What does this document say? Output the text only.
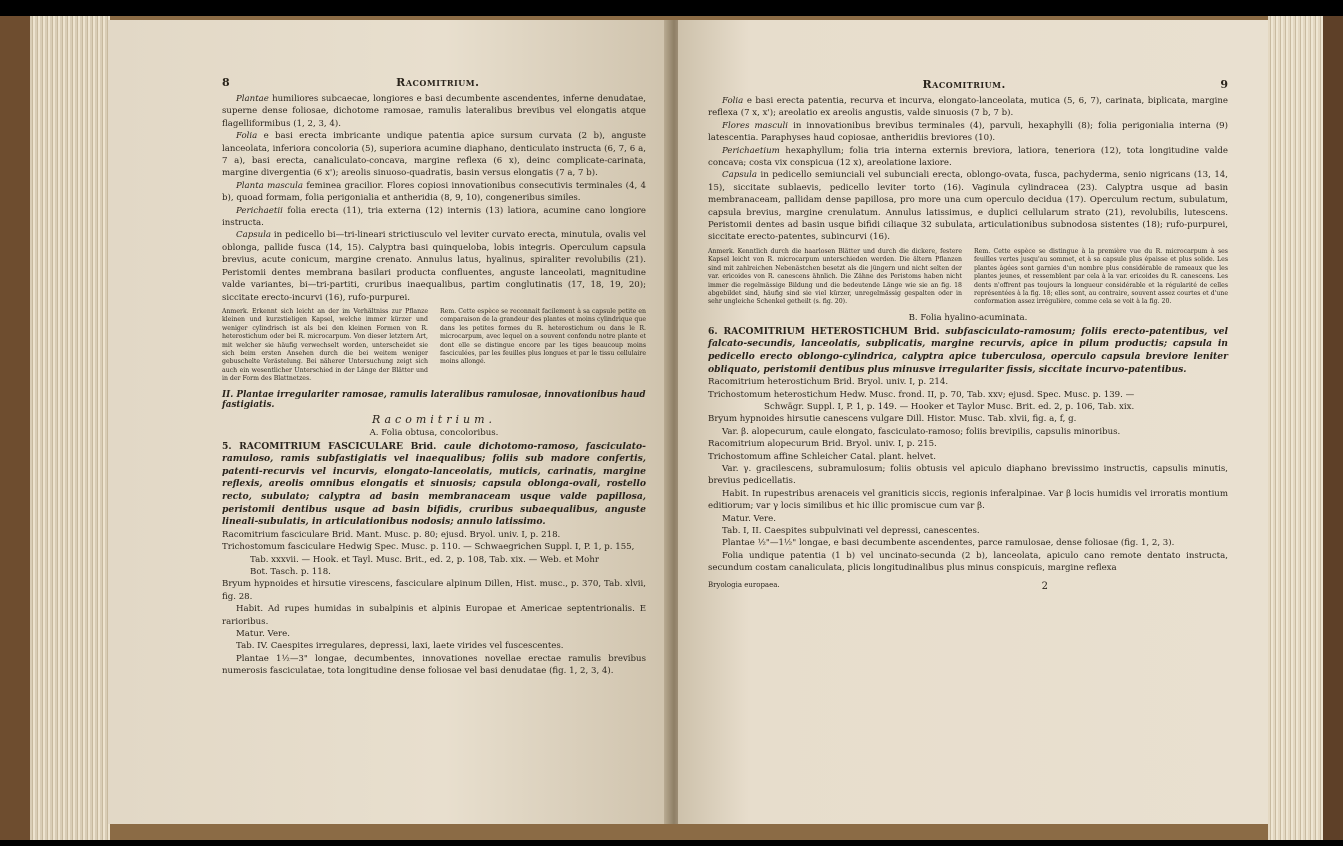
8	Racomitrium.

Plantae humiliores subcaecae, longiores e basi decumbente ascendentes, inferne denudatae, superne dense foliosae, dichotome ramosae, ramulis lateralibus brevibus vel elongatis atque flagelliformibus (1, 2, 3, 4).

Folia e basi erecta imbricante undique patentia apice sursum curvata (2 b), anguste lanceolata, inferiora concoloria (5), superiora acumine diaphano, denticulato instructa (6, 7, 6 a, 7 a), basi erecta, canaliculato-concava, margine reflexa (6 x), deinc complicate-carinata, margine divergentia (6 x'); areolis sinuoso-quadratis, basin versus elongatis (7 a, 7 b).

Planta mascula feminea gracilior. Flores copiosi innovationibus consecutivis terminales (4, 4 b), quoad formam, folia perigonialia et antheridia (8, 9, 10), congeneribus similes.

Perichaetii folia erecta (11), tria externa (12) internis (13) latiora, acumine cano longiore instructa.

Capsula in pedicello bi—tri-lineari strictiusculo vel leviter curvato erecta, minutula, ovalis vel oblonga, pallide fusca (14, 15). Calyptra basi quinqueloba, lobis integris. Operculum capsula brevius, acute conicum, margine crenato. Annulus latus, hyalinus, spiraliter revolubilis (21). Peristomii dentes membrana basilari producta confluentes, anguste lanceolati, magnitudine valde variantes, bi—tri-partiti, cruribus inaequalibus, partim conglutinatis (17, 18, 19, 20); siccitate erecto-incurvi (16), rufo-purpurei.

Anmerk. Erkennt sich leicht an der im Verhältniss zur Pflanze kleinen und kurzstieligen Kapsel, welche immer kürzer und weniger cylindrisch ist als bei den kleinen Formen von R. heterostichum oder bei R. microcarpum. Von dieser letztern Art, mit welcher sie häufig verwechselt worden, unterscheidet sie sich beim ersten Ansehen durch die bei weitem weniger gebuschelte Verästelung. Bei näherer Untersuchung zeigt sich auch ein wesentlicher Unterschied in der Länge der Blätter und in der Form des Blattnetzes.
Rem. Cette espèce se reconnait facilement à sa capsule petite en comparaison de la grandeur des plantes et moins cylindrique que dans les petites formes du R. heterostichum ou dans le R. microcarpum, avec lequel on a souvent confondu notre plante et dont elle se distingue encore par les tiges beaucoup moins fasciculées, par les feuilles plus longues et par le tissu cellulaire moins allongé.
II. Plantae irregulariter ramosae, ramulis lateralibus ramulosae, innovationibus haud fastigiatis.
Racomitrium.
A. Folia obtusa, concoloribus.

5. RACOMITRIUM FASCICULARE Brid. caule dichotomo-ramoso, fasciculato-ramuloso, ramis subfastigiatis vel inaequalibus; foliis sub madore confertis, patenti-recurvis vel incurvis, elongato-lanceolatis, muticis, carinatis, margine reflexis, areolis omnibus elongatis et sinuosis; capsula oblonga-ovali, rostello recto, subulato; calyptra ad basin membranaceam usque valde papillosa, peristomii dentibus usque ad basin bifidis, cruribus subaequalibus, anguste lineali-subulatis, in articulationibus nodosis; annulo latissimo.

Racomitrium fasciculare Brid. Mant. Musc. p. 80; ejusd. Bryol. univ. I, p. 218.

Trichostomum fasciculare Hedwig Spec. Musc. p. 110. — Schwaegrichen Suppl. I, P. 1, p. 155,

Tab. xxxvii. — Hook. et Tayl. Musc. Brit., ed. 2, p. 108, Tab. xix. — Web. et Mohr

Bot. Tasch. p. 118.

Bryum hypnoides et hirsutie virescens, fasciculare alpinum Dillen, Hist. musc., p. 370, Tab. xlvii, fig. 28.

Habit. Ad rupes humidas in subalpinis et alpinis Europae et Americae septentrionalis. E rarioribus.

Matur. Vere.

Tab. IV. Caespites irregulares, depressi, laxi, laete virides vel fuscescentes.

Plantae 1½—3" longae, decumbentes, innovationes novellae erectae ramulis brevibus numerosis fasciculatae, tota longitudine dense foliosae vel basi denudatae (fig. 1, 2, 3, 4).

Racomitrium.	9

Folia e basi erecta patentia, recurva et incurva, elongato-lanceolata, mutica (5, 6, 7), carinata, biplicata, margine reflexa (7 x, x'); areolatio ex areolis angustis, valde sinuosis (7 b, 7 b).

Flores masculi in innovationibus brevibus terminales (4), parvuli, hexaphylli (8); folia perigonialia interna (9) latescentia. Paraphyses haud copiosae, antheridiis breviores (10).

Perichaetium hexaphyllum; folia tria interna externis breviora, latiora, teneriora (12), tota longitudine valde concava; costa vix conspicua (12 x), areolatione laxiore.

Capsula in pedicello semiunciali vel subunciali erecta, oblongo-ovata, fusca, pachyderma, senio nigricans (13, 14, 15), siccitate sublaevis, pedicello leviter torto (16). Vaginula cylindracea (23). Calyptra usque ad basin membranaceam, pallidam dense papillosa, pro more una cum operculo decidua (17). Operculum rectum, subulatum, capsula brevius, margine crenulatum. Annulus latissimus, e duplici cellularum strato (21), revolubilis, lutescens. Peristomii dentes ad basin usque bifidi ciliaque 32 subulata, articulationibus subnodosa sistentes (18); rufo-purpurei, siccitate erecto-patentes, subincurvi (16).

Anmerk. Kenntlich durch die haarlosen Blätter und durch die dickere, festere Kapsel leicht von R. microcarpum unterschieden werden. Die ältern Pflanzen sind mit zahlreichen Nebenästchen besetzt als die jüngern und nicht selten der var. ericoides von R. canescens ähnlich. Die Zähne des Peristoms haben nicht immer die regelmässige Bildung und die bedeutende Länge wie sie an fig. 18 abgebildet sind, häufig sind sie viel kürzer, unregelmässig gespalten oder in sehr ungleiche Schenkel getheilt (s. fig. 20).
Rem. Cette espèce se distingue à la première vue du R. microcarpum à ses feuilles vertes jusqu'au sommet, et à sa capsule plus épaisse et plus solide. Les plantes âgées sont garnies d'un nombre plus considérable de rameaux que les plantes jeunes, et ressemblent par cela à la var. ericoides du R. canescens. Les dents n'offrent pas toujours la longueur considérable et la régularité de celles représentées à la fig. 18; elles sont, au contraire, souvent assez courtes et d'une conformation assez irrégulière, comme cela se voit à la fig. 20.
B. Folia hyalino-acuminata.

6. RACOMITRIUM HETEROSTICHUM Brid. subfasciculato-ramosum; foliis erecto-patentibus, vel falcato-secundis, lanceolatis, subplicatis, margine recurvis, apice in pilum productis; capsula in pedicello erecto oblongo-cylindrica, calyptra apice tuberculosa, operculo capsula breviore leniter obliquato, peristomii dentibus plus minusve irregulariter fissis, siccitate incurvo-patentibus.

Racomitrium heterostichum Brid. Bryol. univ. I, p. 214.

Trichostomum heterostichum Hedw. Musc. frond. II, p. 70, Tab. xxv; ejusd. Spec. Musc. p. 139. —

Schwägr. Suppl. I, P. 1, p. 149. — Hooker et Taylor Musc. Brit. ed. 2, p. 106, Tab. xix.

Bryum hypnoides hirsutie canescens vulgare Dill. Histor. Musc. Tab. xlvii, fig. a, f, g.

Var. β. alopecurum, caule elongato, fasciculato-ramoso; foliis brevipilis, capsulis minoribus.

Racomitrium alopecurum Brid. Bryol. univ. I, p. 215.

Trichostomum affine Schleicher Catal. plant. helvet.

Var. γ. gracilescens, subramulosum; foliis obtusis vel apiculo diaphano brevissimo instructis, capsulis minutis, brevius pedicellatis.

Habit. In rupestribus arenaceis vel graniticis siccis, regionis inferalpinae. Var β locis humidis vel irroratis montium editiorum; var γ locis similibus et hic illic promiscue cum var β.

Matur. Vere.

Tab. I, II. Caespites subpulvinati vel depressi, canescentes.

Plantae ½"—1½" longae, e basi decumbente ascendentes, parce ramulosae, dense foliosae (fig. 1, 2, 3).

Folia undique patentia (1 b) vel uncinato-secunda (2 b), lanceolata, apiculo cano remote dentato instructa, secundum costam canaliculata, plicis longitudinalibus plus minus conspicuis, margine reflexa

Bryologia europaea.	2
